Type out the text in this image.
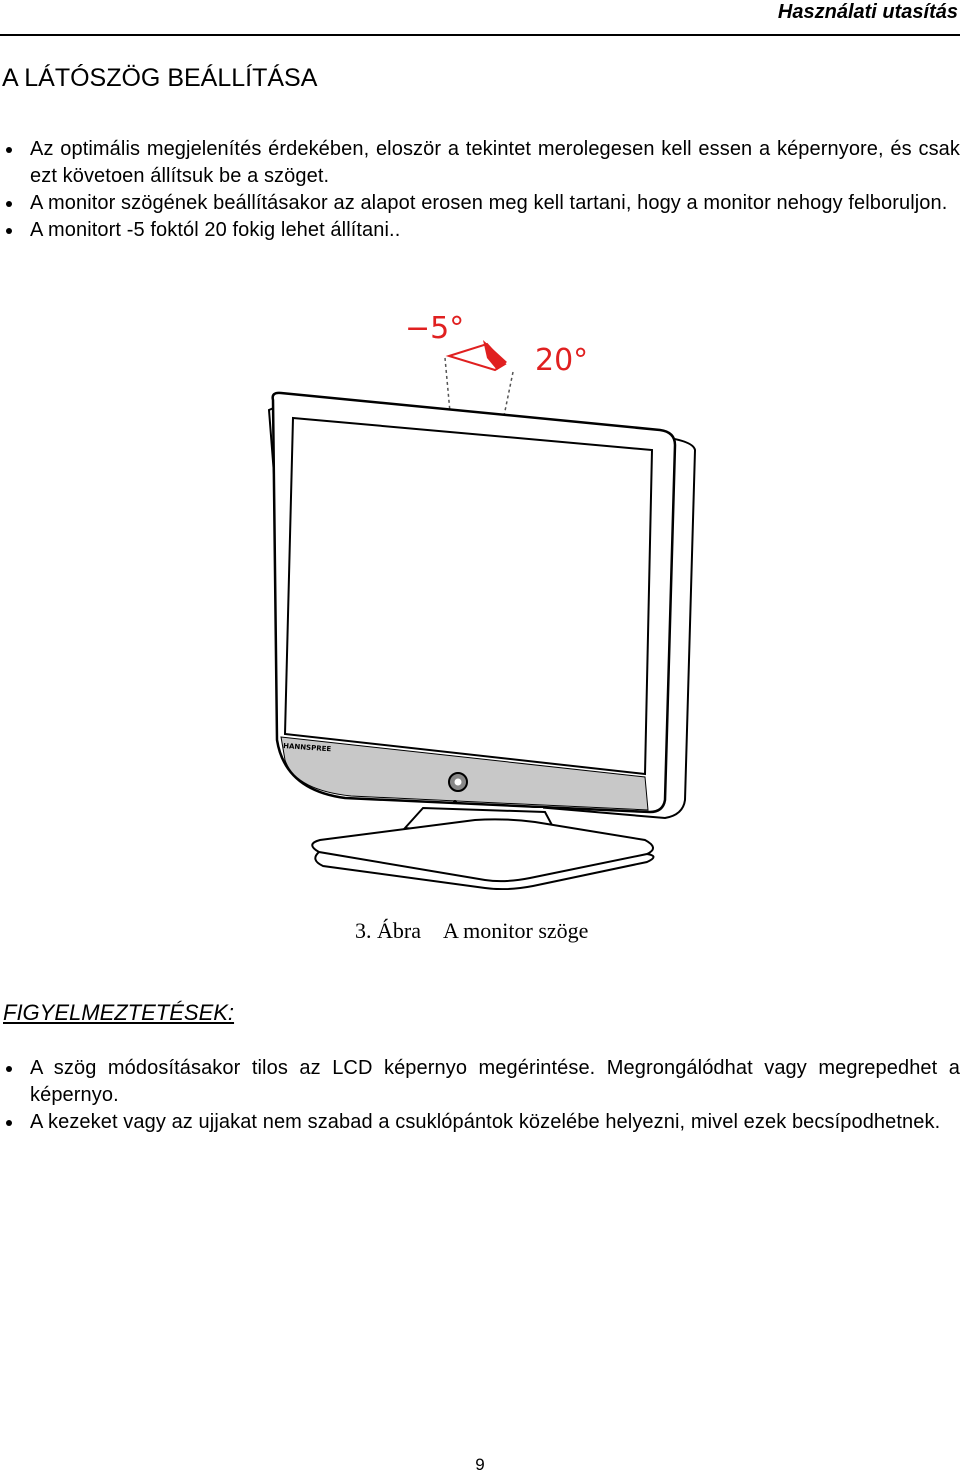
Használati utasítás
A LÁTÓSZÖG BEÁLLÍTÁSA
Az optimális megjelenítés érdekében, eloször a tekintet merolegesen kell essen a képernyore, és csak ezt követoen állítsuk be a szöget.
A monitor szögének beállításakor az alapot erosen meg kell tartani, hogy a monitor nehogy felboruljon.
A monitort -5 foktól 20 fokig lehet állítani..
−5°
20°
HANNSPREE
3. Ábra A monitor szöge
FIGYELMEZTETÉSEK:
A szög módosításakor tilos az LCD képernyo megérintése. Megrongálódhat vagy megrepedhet a képernyo.
A kezeket vagy az ujjakat nem szabad a csuklópántok közelébe helyezni, mivel ezek becsípodhetnek.
9
